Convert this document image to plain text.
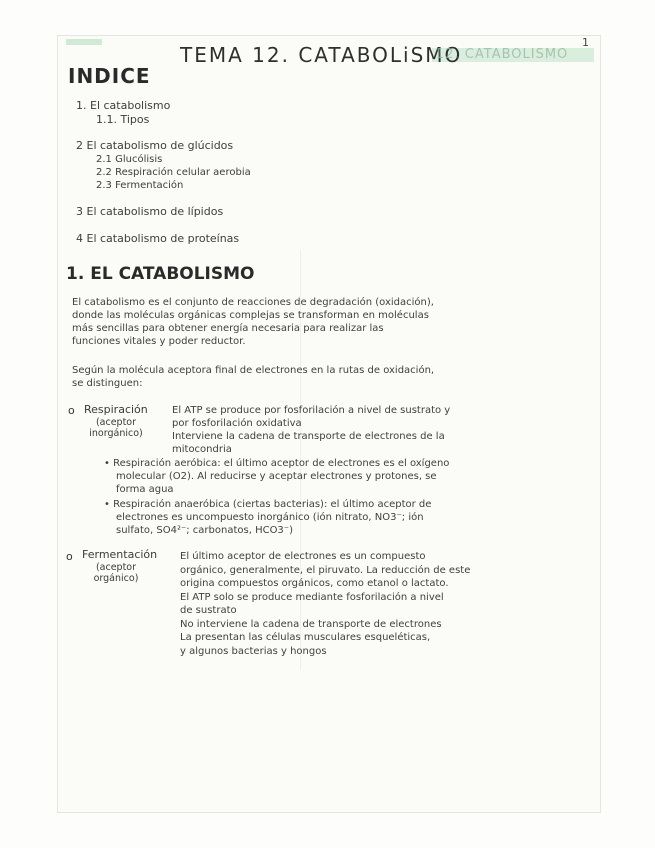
TEMA 12. CATABOLiSMO
12. CATABOLISMO
1
INDICE
1. El catabolismo
1.1. Tipos
2 El catabolismo de glúcidos
2.1 Glucólisis
2.2 Respiración celular aerobia
2.3 Fermentación
3 El catabolismo de lípidos
4 El catabolismo de proteínas
1. EL CATABOLISMO
El catabolismo es el conjunto de reacciones de degradación (oxidación),
donde las moléculas orgánicas complejas se transforman en moléculas
más sencillas para obtener energía necesaria para realizar las
funciones vitales y poder reductor.
Según la molécula aceptora final de electrones en la rutas de oxidación,
se distinguen:
o Respiración
(aceptor
inorgánico)
El ATP se produce por fosforilación a nivel de sustrato y
por fosforilación oxidativa
Interviene la cadena de transporte de electrones de la
mitocondria
• Respiración aeróbica: el último aceptor de electrones es el oxígeno
molecular (O2). Al reducirse y aceptar electrones y protones, se
forma agua
• Respiración anaeróbica (ciertas bacterias): el último aceptor de
electrones es uncompuesto inorgánico (ión nitrato, NO3⁻; ión
sulfato, SO4²⁻; carbonatos, HCO3⁻)
o Fermentación
(aceptor
orgánico)
El último aceptor de electrones es un compuesto
orgánico, generalmente, el piruvato. La reducción de este
origina compuestos orgánicos, como etanol o lactato.
El ATP solo se produce mediante fosforilación a nivel
de sustrato
No interviene la cadena de transporte de electrones
La presentan las células musculares esqueléticas,
y algunos bacterias y hongos
